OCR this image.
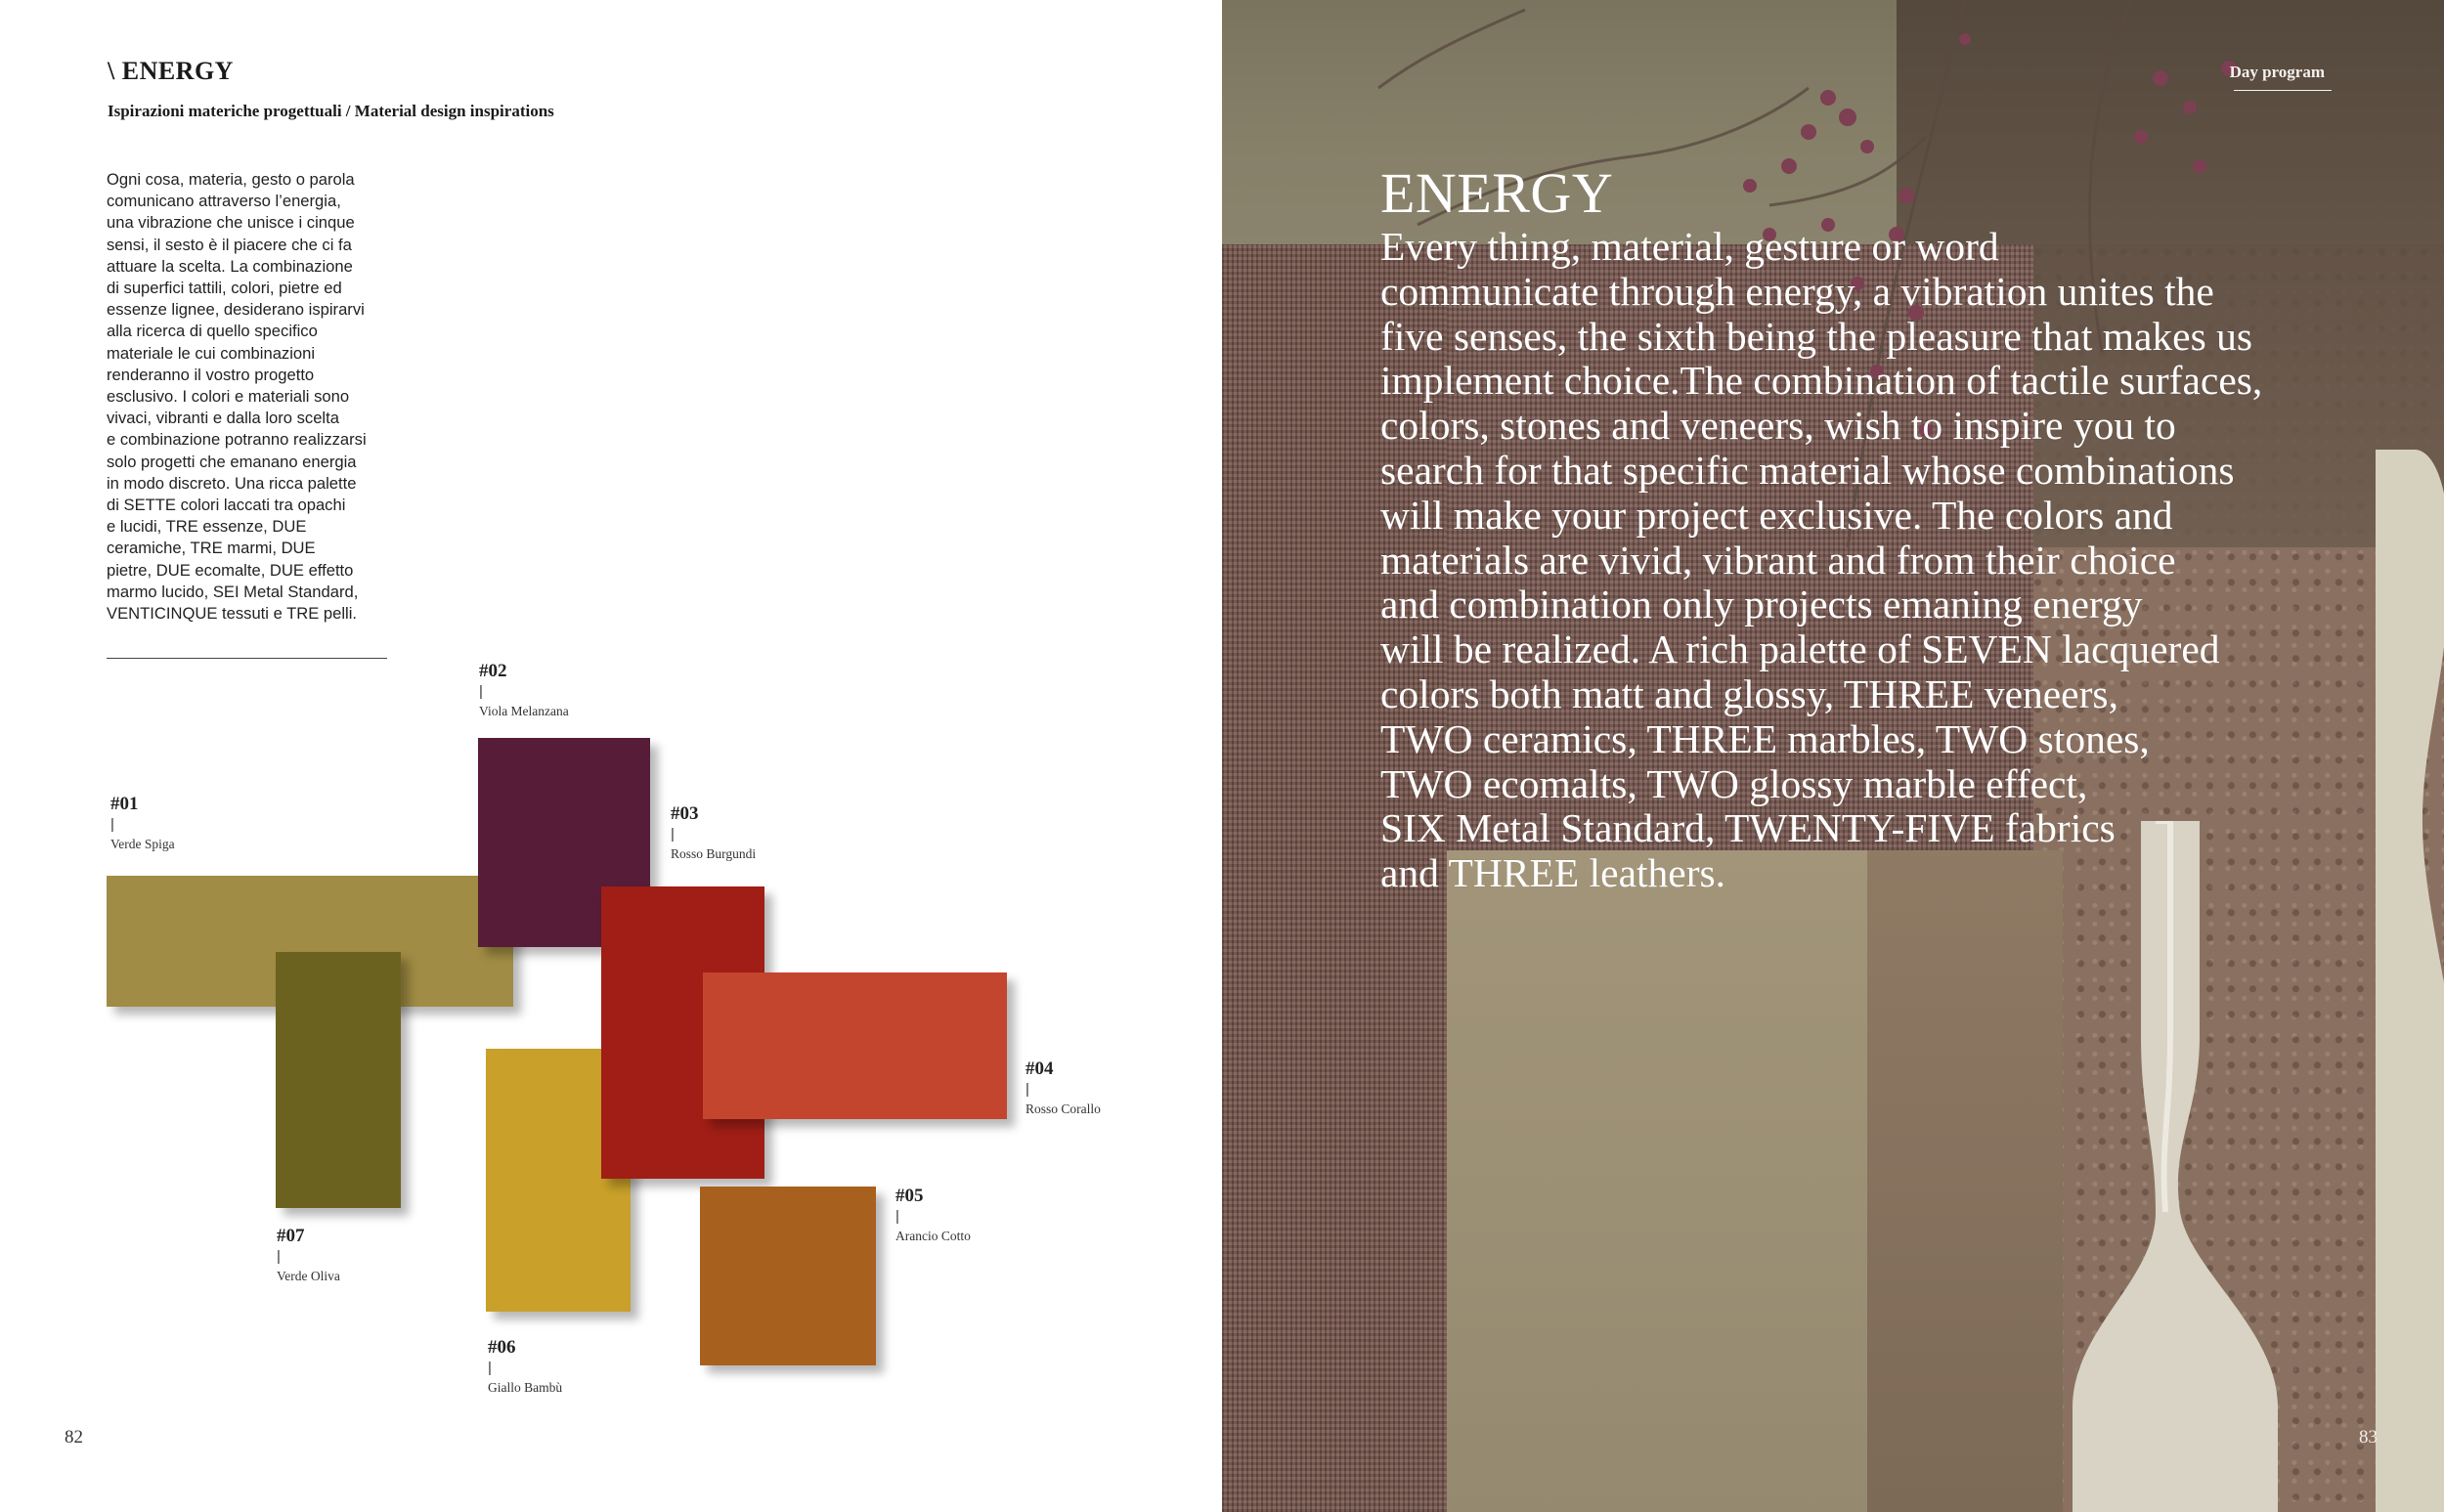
\ ENERGY
Ispirazioni materiche progettuali / Material design inspirations
Ogni cosa, materia, gesto o parola
comunicano attraverso l’energia,
una vibrazione che unisce i cinque
sensi, il sesto è il piacere che ci fa
attuare la scelta. La combinazione
di superfici tattili, colori, pietre ed
essenze lignee, desiderano ispirarvi
alla ricerca di quello specifico
materiale le cui combinazioni
renderanno il vostro progetto
esclusivo. I colori e materiali sono
vivaci, vibranti e dalla loro scelta
e combinazione potranno realizzarsi
solo progetti che emanano energia
in modo discreto. Una ricca palette
di SETTE colori laccati tra opachi
e lucidi, TRE essenze, DUE
ceramiche, TRE marmi, DUE
pietre, DUE ecomalte, DUE effetto
marmo lucido, SEI Metal Standard,
VENTICINQUE tessuti e TRE pelli.
#01
|
Verde Spiga
#02
|
Viola Melanzana
#03
|
Rosso Burgundi
#04
|
Rosso Corallo
#05
|
Arancio Cotto
#06
|
Giallo Bambù
#07
|
Verde Oliva
82
Day program
ENERGY
Every thing, material, gesture or word
communicate through energy, a vibration unites the
five senses, the sixth being the pleasure that makes us
implement choice.The combination of tactile surfaces,
colors, stones and veneers, wish to inspire you to
search for that specific material whose combinations
will make your project exclusive. The colors and
materials are vivid, vibrant and from their choice
and combination only projects emaning energy
will be realized. A rich palette of SEVEN lacquered
colors both matt and glossy, THREE veneers,
TWO ceramics, THREE marbles, TWO stones,
TWO ecomalts, TWO glossy marble effect,
SIX Metal Standard, TWENTY-FIVE fabrics
and THREE leathers.
83
